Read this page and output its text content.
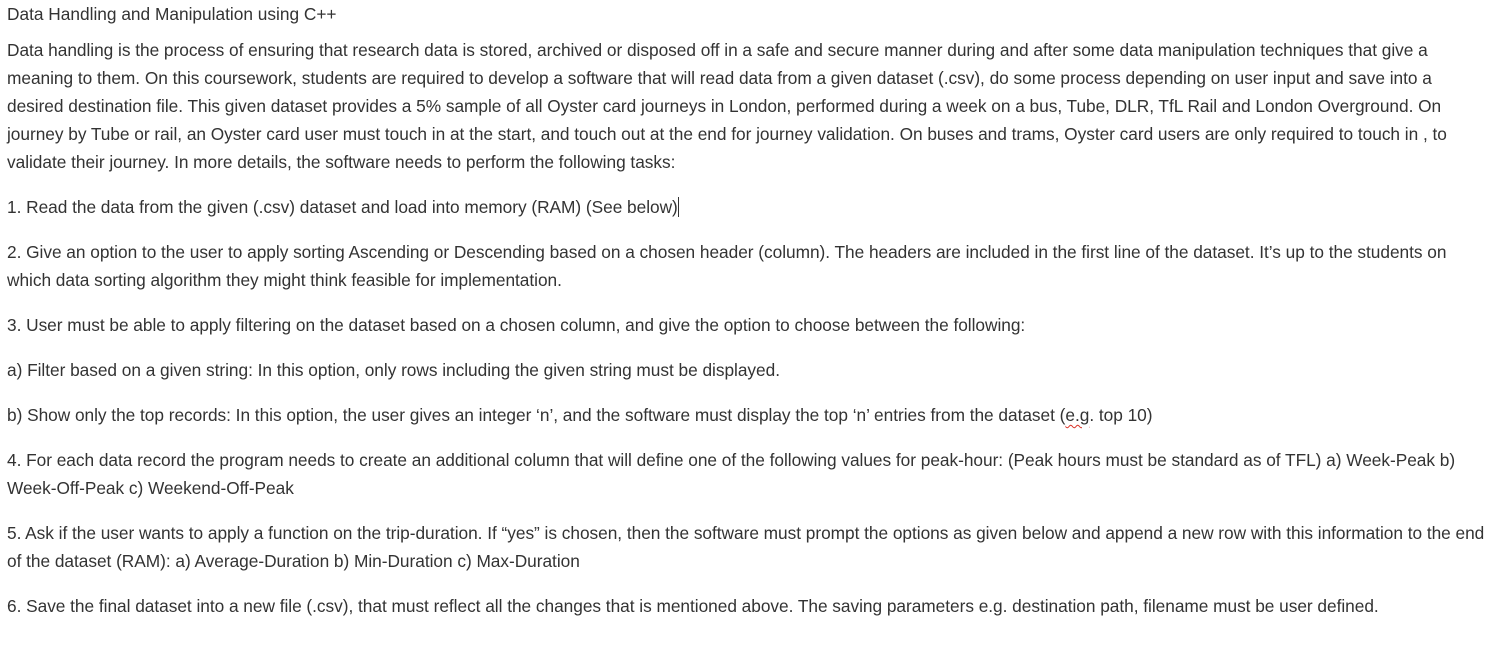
Data Handling and Manipulation using C++

Data handling is the process of ensuring that research data is stored, archived or disposed off in a safe and secure manner during and after some data manipulation techniques that give a meaning to them. On this coursework, students are required to develop a software that will read data from a given dataset (.csv), do some process depending on user input and save into a desired destination file. This given dataset provides a 5% sample of all Oyster card journeys in London, performed during a week on a bus, Tube, DLR, TfL Rail and London Overground. On journey by Tube or rail, an Oyster card user must touch in at the start, and touch out at the end for journey validation. On buses and trams, Oyster card users are only required to touch in , to validate their journey. In more details, the software needs to perform the following tasks:

1. Read the data from the given (.csv) dataset and load into memory (RAM) (See below)

2. Give an option to the user to apply sorting Ascending or Descending based on a chosen header (column). The headers are included in the first line of the dataset. It’s up to the students on which data sorting algorithm they might think feasible for implementation.

3. User must be able to apply filtering on the dataset based on a chosen column, and give the option to choose between the following:

a) Filter based on a given string: In this option, only rows including the given string must be displayed.

b) Show only the top records: In this option, the user gives an integer ‘n’, and the software must display the top ‘n’ entries from the dataset (e.g. top 10)

4. For each data record the program needs to create an additional column that will define one of the following values for peak-hour: (Peak hours must be standard as of TFL) a) Week-Peak b) Week-Off-Peak c) Weekend-Off-Peak

5. Ask if the user wants to apply a function on the trip-duration. If “yes” is chosen, then the software must prompt the options as given below and append a new row with this information to the end of the dataset (RAM): a) Average-Duration b) Min-Duration c) Max-Duration

6. Save the final dataset into a new file (.csv), that must reflect all the changes that is mentioned above. The saving parameters e.g. destination path, filename must be user defined.
